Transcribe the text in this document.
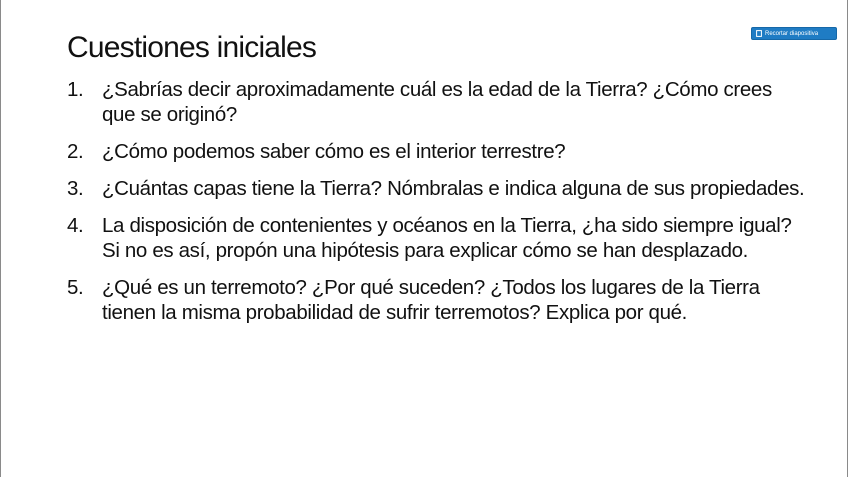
Recortar diapositiva
Cuestiones iniciales
1. ¿Sabrías decir aproximadamente cuál es la edad de la Tierra? ¿Cómo crees que se originó?
2. ¿Cómo podemos saber cómo es el interior terrestre?
3. ¿Cuántas capas tiene la Tierra? Nómbralas e indica alguna de sus propiedades.
4. La disposición de contenientes y océanos en la Tierra, ¿ha sido siempre igual? Si no es así, propón una hipótesis para explicar cómo se han desplazado.
5. ¿Qué es un terremoto? ¿Por qué suceden? ¿Todos los lugares de la Tierra tienen la misma probabilidad de sufrir terremotos? Explica por qué.
